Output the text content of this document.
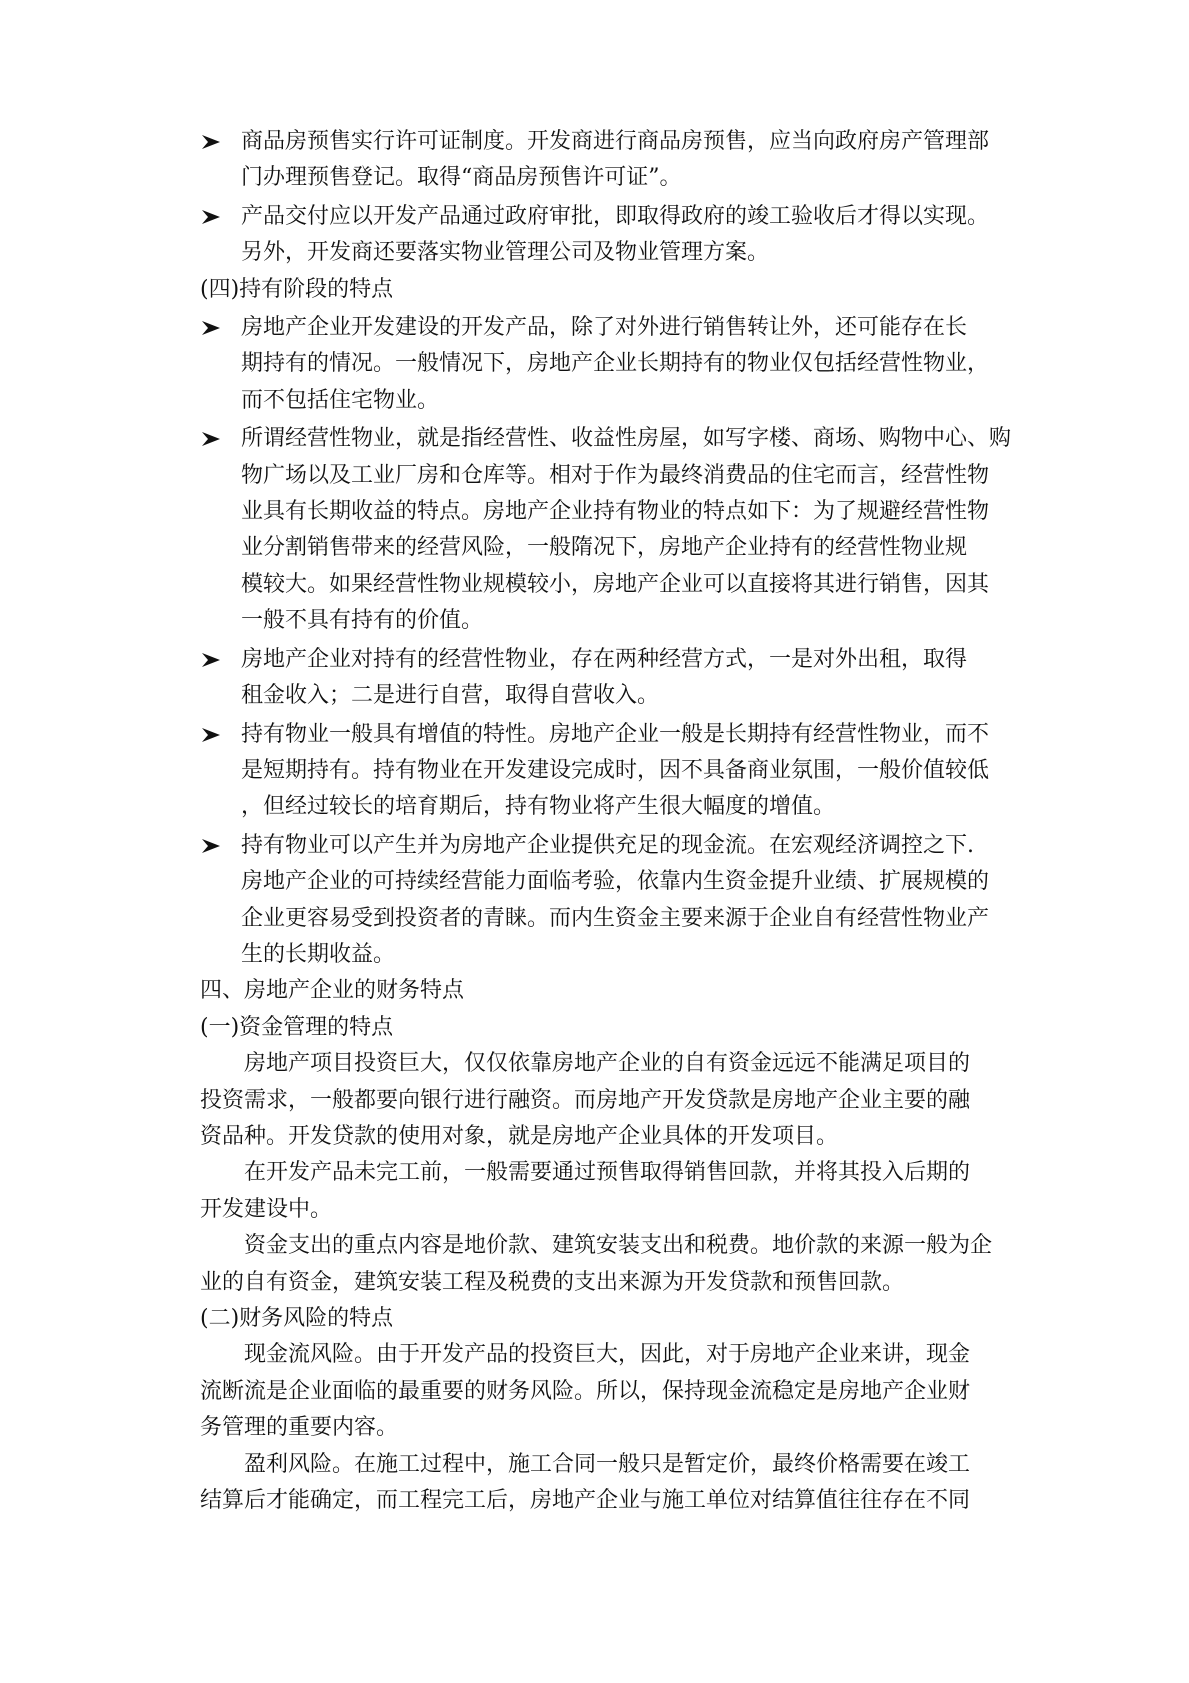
商品房预售实行许可证制度。开发商进行商品房预售，应当向政府房产管理部
门办理预售登记。取得“商品房预售许可证”。
产品交付应以开发产品通过政府审批，即取得政府的竣工验收后才得以实现。
另外，开发商还要落实物业管理公司及物业管理方案。
(四)持有阶段的特点
房地产企业开发建设的开发产品，除了对外进行销售转让外，还可能存在长
期持有的情况。一般情况下，房地产企业长期持有的物业仅包括经营性物业，
而不包括住宅物业。
所谓经营性物业，就是指经营性、收益性房屋，如写字楼、商场、购物中心、购
物广场以及工业厂房和仓库等。相对于作为最终消费品的住宅而言，经营性物
业具有长期收益的特点。房地产企业持有物业的特点如下：为了规避经营性物
业分割销售带来的经营风险，一般隋况下，房地产企业持有的经营性物业规
模较大。如果经营性物业规模较小，房地产企业可以直接将其进行销售，因其
一般不具有持有的价值。
房地产企业对持有的经营性物业，存在两种经营方式，一是对外出租，取得
租金收入；二是进行自营，取得自营收入。
持有物业一般具有增值的特性。房地产企业一般是长期持有经营性物业，而不
是短期持有。持有物业在开发建设完成时，因不具备商业氛围，一般价值较低
，但经过较长的培育期后，持有物业将产生很大幅度的增值。
持有物业可以产生并为房地产企业提供充足的现金流。在宏观经济调控之下.
房地产企业的可持续经营能力面临考验，依靠内生资金提升业绩、扩展规模的
企业更容易受到投资者的青睐。而内生资金主要来源于企业自有经营性物业产
生的长期收益。
四、房地产企业的财务特点
(一)资金管理的特点
房地产项目投资巨大，仅仅依靠房地产企业的自有资金远远不能满足项目的
投资需求，一般都要向银行进行融资。而房地产开发贷款是房地产企业主要的融
资品种。开发贷款的使用对象，就是房地产企业具体的开发项目。
在开发产品未完工前，一般需要通过预售取得销售回款，并将其投入后期的
开发建设中。
资金支出的重点内容是地价款、建筑安装支出和税费。地价款的来源一般为企
业的自有资金，建筑安装工程及税费的支出来源为开发贷款和预售回款。
(二)财务风险的特点
现金流风险。由于开发产品的投资巨大，因此，对于房地产企业来讲，现金
流断流是企业面临的最重要的财务风险。所以，保持现金流稳定是房地产企业财
务管理的重要内容。
盈利风险。在施工过程中，施工合同一般只是暂定价，最终价格需要在竣工
结算后才能确定，而工程完工后，房地产企业与施工单位对结算值往往存在不同
